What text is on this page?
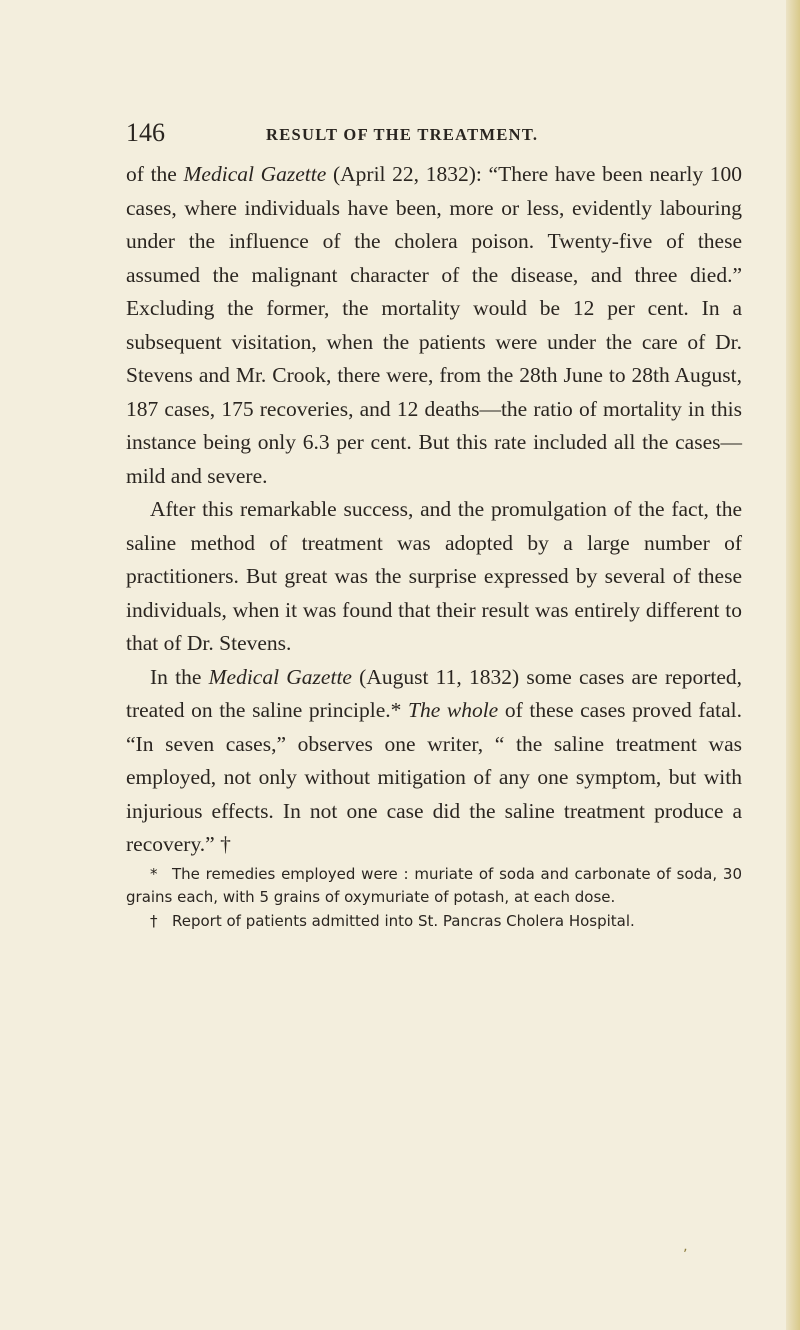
146	RESULT OF THE TREATMENT.

of the Medical Gazette (April 22, 1832): “There have been nearly 100 cases, where individuals have been, more or less, evidently labouring under the influence of the cholera poison. Twenty-five of these assumed the malignant character of the disease, and three died.” Excluding the former, the mortality would be 12 per cent. In a subsequent visitation, when the patients were under the care of Dr. Stevens and Mr. Crook, there were, from the 28th June to 28th August, 187 cases, 175 recoveries, and 12 deaths—the ratio of mortality in this instance being only 6.3 per cent. But this rate included all the cases—mild and severe.

After this remarkable success, and the promulgation of the fact, the saline method of treatment was adopted by a large number of practitioners. But great was the surprise expressed by several of these individuals, when it was found that their result was entirely different to that of Dr. Stevens.

In the Medical Gazette (August 11, 1832) some cases are reported, treated on the saline principle.* The whole of these cases proved fatal. “In seven cases,” observes one writer, “ the saline treatment was employed, not only without mitigation of any one symptom, but with injurious effects. In not one case did the saline treatment produce a recovery.” †

* The remedies employed were : muriate of soda and carbonate of soda, 30 grains each, with 5 grains of oxymuriate of potash, at each dose.

† Report of patients admitted into St. Pancras Cholera Hospital.

ʼ
